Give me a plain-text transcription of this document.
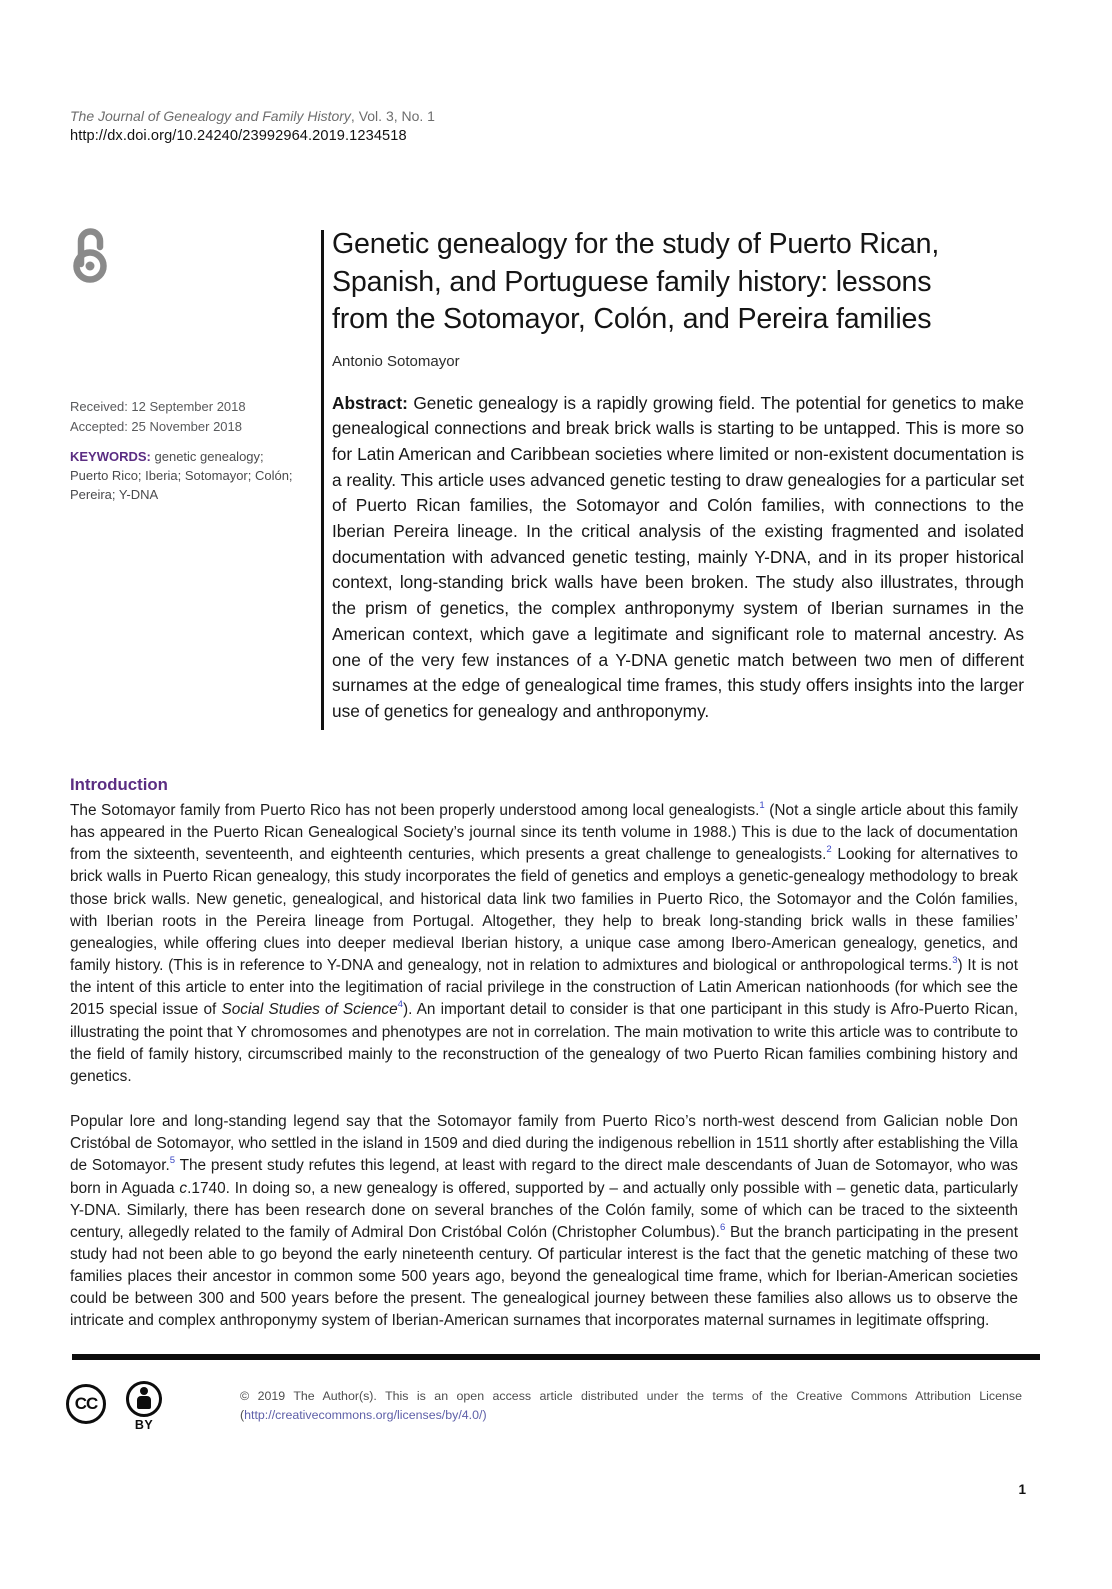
The Journal of Genealogy and Family History, Vol. 3, No. 1
http://dx.doi.org/10.24240/23992964.2019.1234518
Received: 12 September 2018
Accepted: 25 November 2018
KEYWORDS: genetic genealogy; Puerto Rico; Iberia; Sotomayor; Colón; Pereira; Y-DNA
Genetic genealogy for the study of Puerto Rican,
Spanish, and Portuguese family history: lessons
from the Sotomayor, Colón, and Pereira families
Antonio Sotomayor
Abstract: Genetic genealogy is a rapidly growing field. The potential for genetics to make genealogical connections and break brick walls is starting to be untapped. This is more so for Latin American and Caribbean societies where limited or non-existent documentation is a reality. This article uses advanced genetic testing to draw genealogies for a particular set of Puerto Rican families, the Sotomayor and Colón families, with connections to the Iberian Pereira lineage. In the critical analysis of the existing fragmented and isolated documentation with advanced genetic testing, mainly Y-DNA, and in its proper historical context, long-standing brick walls have been broken. The study also illustrates, through the prism of genetics, the complex anthroponymy system of Iberian surnames in the American context, which gave a legitimate and significant role to maternal ancestry. As one of the very few instances of a Y-DNA genetic match between two men of different surnames at the edge of genealogical time frames, this study offers insights into the larger use of genetics for genealogy and anthroponymy.
Introduction

The Sotomayor family from Puerto Rico has not been properly understood among local genealogists.$^1$ (Not a single article about this family has appeared in the Puerto Rican Genealogical Society’s journal since its tenth volume in 1988.) This is due to the lack of documentation from the sixteenth, seventeenth, and eighteenth centuries, which presents a great challenge to genealogists.$^2$ Looking for alternatives to brick walls in Puerto Rican genealogy, this study incorporates the field of genetics and employs a genetic-genealogy methodology to break those brick walls. New genetic, genealogical, and historical data link two families in Puerto Rico, the Sotomayor and the Colón families, with Iberian roots in the Pereira lineage from Portugal. Altogether, they help to break long-standing brick walls in these families’ genealogies, while offering clues into deeper medieval Iberian history, a unique case among Ibero-American genealogy, genetics, and family history. (This is in reference to Y-DNA and genealogy, not in relation to admixtures and biological or anthropological terms.$^3$) It is not the intent of this article to enter into the legitimation of racial privilege in the construction of Latin American nationhoods (for which see the 2015 special issue of Social Studies of Science$^4$). An important detail to consider is that one participant in this study is Afro-Puerto Rican, illustrating the point that Y chromosomes and phenotypes are not in correlation. The main motivation to write this article was to contribute to the field of family history, circumscribed mainly to the reconstruction of the genealogy of two Puerto Rican families combining history and genetics.

Popular lore and long-standing legend say that the Sotomayor family from Puerto Rico’s north-west descend from Galician noble Don Cristóbal de Sotomayor, who settled in the island in 1509 and died during the indigenous rebellion in 1511 shortly after establishing the Villa de Sotomayor.$^5$ The present study refutes this legend, at least with regard to the direct male descendants of Juan de Sotomayor, who was born in Aguada c.1740. In doing so, a new genealogy is offered, supported by – and actually only possible with – genetic data, particularly Y-DNA. Similarly, there has been research done on several branches of the Colón family, some of which can be traced to the sixteenth century, allegedly related to the family of Admiral Don Cristóbal Colón (Christopher Columbus).$^6$ But the branch participating in the present study had not been able to go beyond the early nineteenth century. Of particular interest is the fact that the genetic matching of these two families places their ancestor in common some 500 years ago, beyond the genealogical time frame, which for Iberian-American societies could be between 300 and 500 years before the present. The genealogical journey between these families also allows us to observe the intricate and complex anthroponymy system of Iberian-American surnames that incorporates maternal surnames in legitimate offspring.

CC
BY
© 2019 The Author(s). This is an open access article distributed under the terms of the Creative Commons Attribution License (http://creativecommons.org/licenses/by/4.0/)
1
